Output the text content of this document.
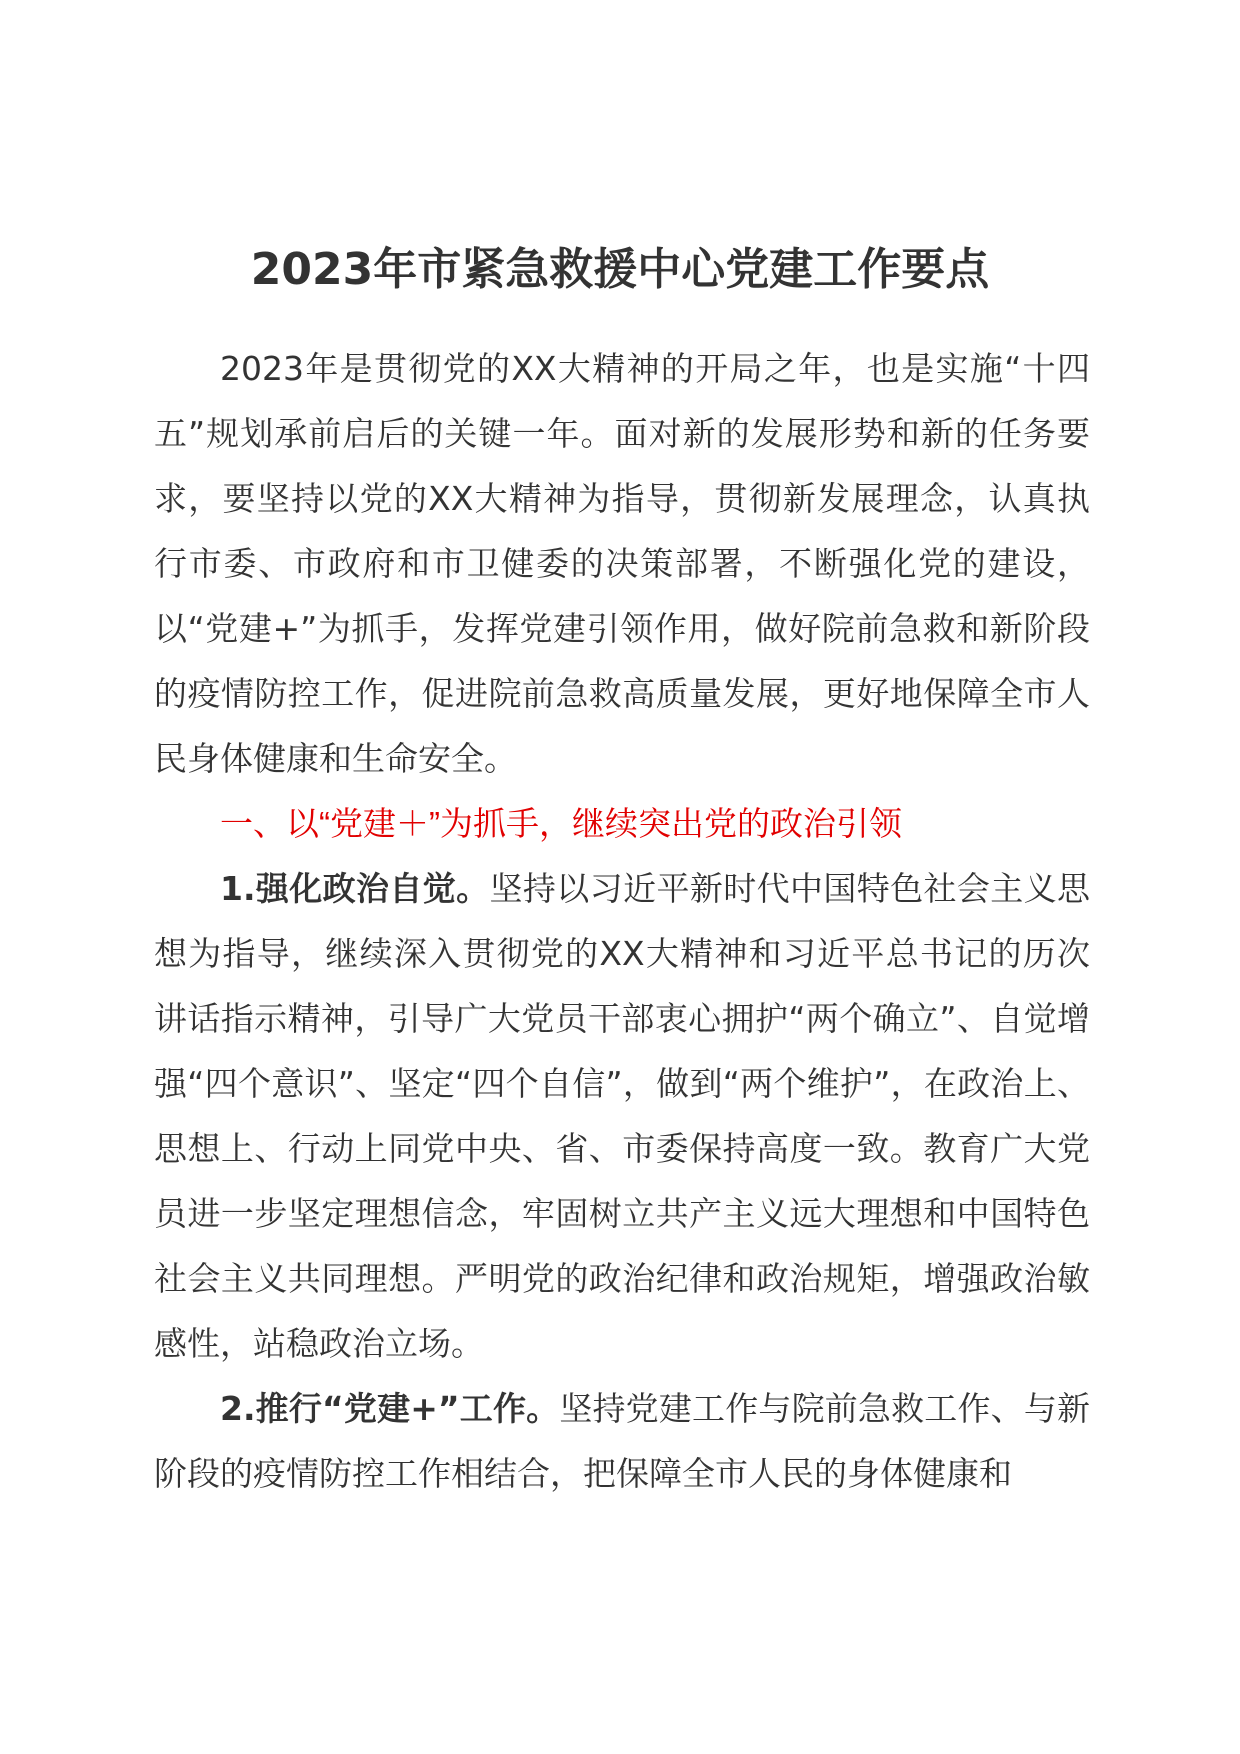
2023年市紧急救援中心党建工作要点

2023年是贯彻党的XX大精神的开局之年，也是实施“十四五”规划承前启后的关键一年。面对新的发展形势和新的任务要求，要坚持以党的XX大精神为指导，贯彻新发展理念，认真执行市委、市政府和市卫健委的决策部署，不断强化党的建设，以“党建+”为抓手，发挥党建引领作用，做好院前急救和新阶段的疫情防控工作，促进院前急救高质量发展，更好地保障全市人民身体健康和生命安全。

一、以“党建＋”为抓手，继续突出党的政治引领

1.强化政治自觉。坚持以习近平新时代中国特色社会主义思想为指导，继续深入贯彻党的XX大精神和习近平总书记的历次讲话指示精神，引导广大党员干部衷心拥护“两个确立”、自觉增强“四个意识”、坚定“四个自信”，做到“两个维护”，在政治上、思想上、行动上同党中央、省、市委保持高度一致。教育广大党员进一步坚定理想信念，牢固树立共产主义远大理想和中国特色社会主义共同理想。严明党的政治纪律和政治规矩，增强政治敏感性，站稳政治立场。

2.推行“党建+”工作。坚持党建工作与院前急救工作、与新阶段的疫情防控工作相结合，把保障全市人民的身体健康和
